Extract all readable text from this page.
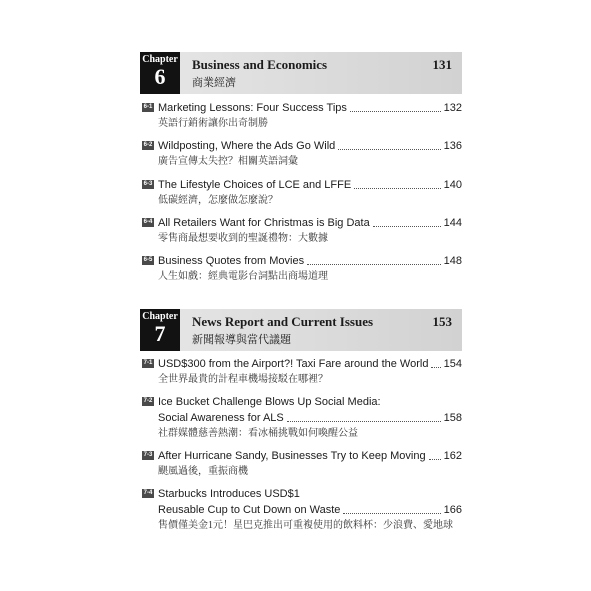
Chapter
6	Business and Economics
商業經濟
131
6-1 Marketing Lessons: Four Success Tips	132
英語行銷術讓你出奇制勝
6-2 Wildposting, Where the Ads Go Wild	136
廣告宣傳太失控？相關英語詞彙
6-3 The Lifestyle Choices of LCE and LFFE	140
低碳經濟，怎麼做怎麼說？
6-4 All Retailers Want for Christmas is Big Data	144
零售商最想要收到的聖誕禮物：大數據
6-5 Business Quotes from Movies	148
人生如戲：經典電影台詞點出商場道理
Chapter
7	News Report and Current Issues
新聞報導與當代議題
153
7-1 USD$300 from the Airport?! Taxi Fare around the World 154
全世界最貴的計程車機場接駁在哪裡？
7-2 Ice Bucket Challenge Blows Up Social Media:
Social Awareness for ALS	158
社群媒體慈善熱潮：看冰桶挑戰如何喚醒公益
7-3 After Hurricane Sandy, Businesses Try to Keep Moving 162
颶風過後，重振商機
7-4 Starbucks Introduces USD$1
Reusable Cup to Cut Down on Waste	166
售價僅美金1元！星巴克推出可重複使用的飲料杯：少浪費、愛地球
